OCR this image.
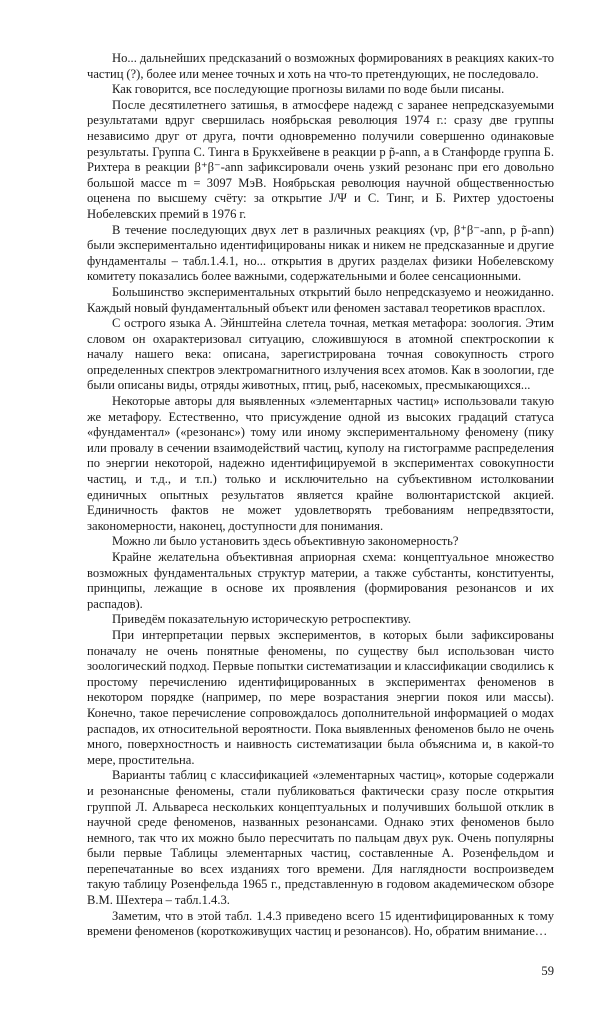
Но... дальнейших предсказаний о возможных формированиях в реакциях каких-то частиц (?), более или менее точных и хоть на что-то претендующих, не последовало.

Как говорится, все последующие прогнозы вилами по воде были писаны.

После десятилетнего затишья, в атмосфере надежд с заранее непредсказуемыми результатами вдруг свершилась ноябрьская революция 1974 г.: сразу две группы независимо друг от друга, почти одновременно получили совершенно одинаковые результаты. Группа С. Тинга в Брукхейвене в реакции р p̃-ann, а в Станфорде группа Б. Рихтера в реакции β⁺β⁻-ann зафиксировали очень узкий резонанс при его довольно большой массе m = 3097 МэВ. Ноябрьская революция научной общественностью оценена по высшему счёту: за открытие J/Ψ и С. Тинг, и Б. Рихтер удостоены Нобелевских премий в 1976 г.

В течение последующих двух лет в различных реакциях (νр, β⁺β⁻-ann, р p̃-ann) были экспериментально идентифицированы никак и никем не предсказанные и другие фундаменталы – табл.1.4.1, но... открытия в других разделах физики Нобелевскому комитету показались более важными, содержательными и более сенсационными.

Большинство экспериментальных открытий было непредсказуемо и неожиданно. Каждый новый фундаментальный объект или феномен заставал теоретиков врасплох.

С острого языка А. Эйнштейна слетела точная, меткая метафора: зоология. Этим словом он охарактеризовал ситуацию, сложившуюся в атомной спектроскопии к началу нашего века: описана, зарегистрирована точная совокупность строго определенных спектров электромагнитного излучения всех атомов. Как в зоологии, где были описаны виды, отряды животных, птиц, рыб, насекомых, пресмыкающихся...

Некоторые авторы для выявленных «элементарных частиц» использовали такую же метафору. Естественно, что присуждение одной из высоких градаций статуса «фундаментал» («резонанс») тому или иному экспериментальному феномену (пику или провалу в сечении взаимодействий частиц, куполу на гистограмме распределения по энергии некоторой, надежно идентифицируемой в экспериментах совокупности частиц, и т.д., и т.п.) только и исключительно на субъективном истолковании единичных опытных результатов является крайне волюнтаристской акцией. Единичность фактов не может удовлетворять требованиям непредвзятости, закономерности, наконец, доступности для понимания.

Можно ли было установить здесь объективную закономерность?

Крайне желательна объективная априорная схема: концептуальное множество возможных фундаментальных структур материи, а также субстанты, конституенты, принципы, лежащие в основе их проявления (формирования резонансов и их распадов).

Приведём показательную историческую ретроспективу.

При интерпретации первых экспериментов, в которых были зафиксированы поначалу не очень понятные феномены, по существу был использован чисто зоологический подход. Первые попытки систематизации и классификации сводились к простому перечислению идентифицированных в экспериментах феноменов в некотором порядке (например, по мере возрастания энергии покоя или массы). Конечно, такое перечисление сопровождалось дополнительной информацией о модах распадов, их относительной вероятности. Пока выявленных феноменов было не очень много, поверхностность и наивность систематизации была объяснима и, в какой-то мере, простительна.

Варианты таблиц с классификацией «элементарных частиц», которые содержали и резонансные феномены, стали публиковаться фактически сразу после открытия группой Л. Альвареса нескольких концептуальных и получивших большой отклик в научной среде феноменов, названных резонансами. Однако этих феноменов было немного, так что их можно было пересчитать по пальцам двух рук. Очень популярны были первые Таблицы элементарных частиц, составленные А. Розенфельдом и перепечатанные во всех изданиях того времени. Для наглядности воспроизведем такую таблицу Розенфельда 1965 г., представленную в годовом академическом обзоре В.М. Шехтера – табл.1.4.3.

Заметим, что в этой табл. 1.4.3 приведено всего 15 идентифицированных к тому времени феноменов (короткоживущих частиц и резонансов). Но, обратим внимание…

59
